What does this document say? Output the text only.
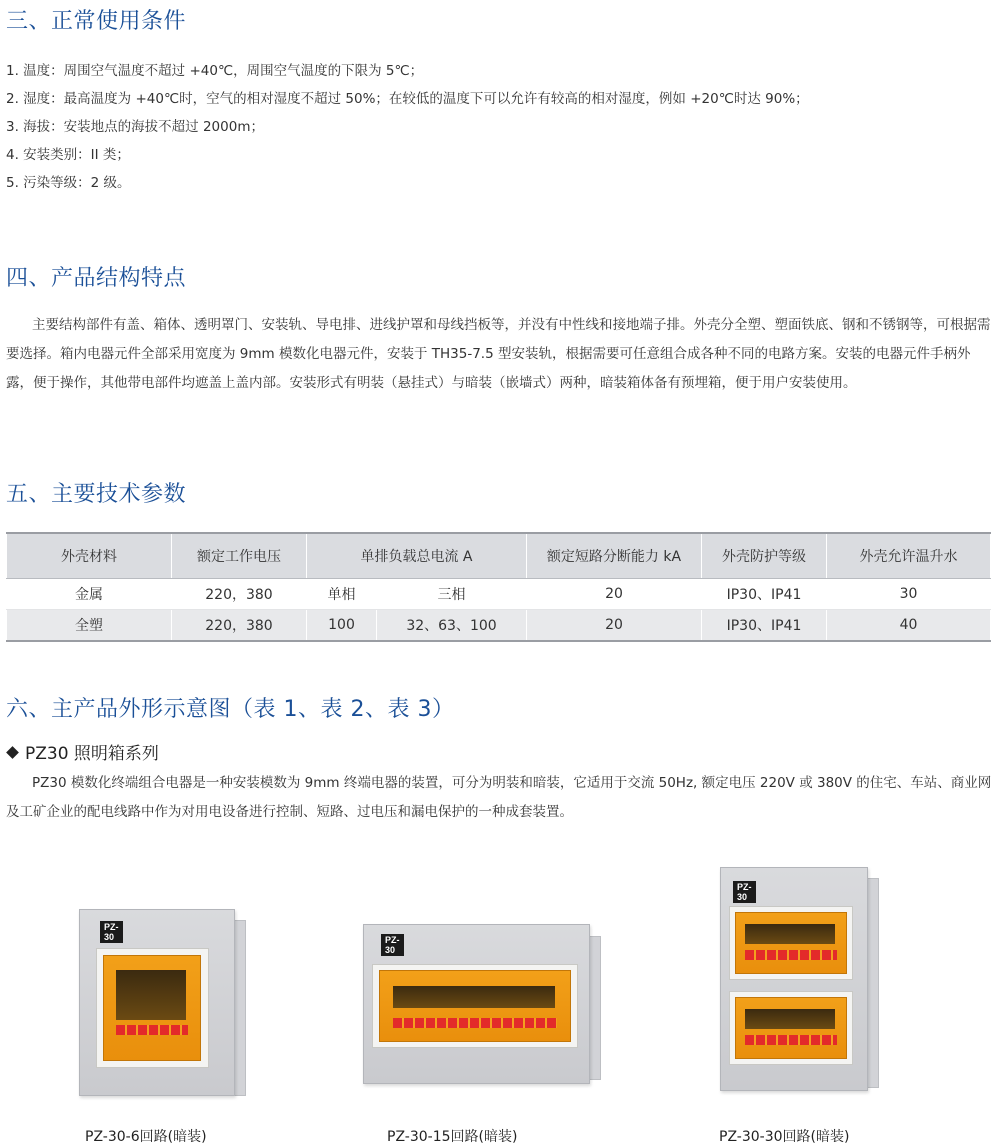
三、正常使用条件
1. 温度：周围空气温度不超过 +40℃，周围空气温度的下限为 5℃；
2. 湿度：最高温度为 +40℃时，空气的相对湿度不超过 50%；在较低的温度下可以允许有较高的相对湿度，例如 +20℃时达 90%；
3. 海拔：安装地点的海拔不超过 2000m；
4. 安装类别：II 类；
5. 污染等级：2 级。
四、产品结构特点
主要结构部件有盖、箱体、透明罩门、安装轨、导电排、进线护罩和母线挡板等，并没有中性线和接地端子排。外壳分全塑、塑面铁底、钢和不锈钢等，可根据需要选择。箱内电器元件全部采用宽度为 9mm 模数化电器元件，安装于 TH35-7.5 型安装轨，根据需要可任意组合成各种不同的电路方案。安装的电器元件手柄外露，便于操作，其他带电部件均遮盖上盖内部。安装形式有明装（悬挂式）与暗装（嵌墙式）两种，暗装箱体备有预埋箱，便于用户安装使用。
五、主要技术参数
外壳材料	额定工作电压	单排负载总电流 A		额定短路分断能力 kA	外壳防护等级	外壳允许温升水
金属	220，380	单相	三相	20	IP30、IP41	30
全塑	220，380	100	32、63、100	20	IP30、IP41	40
六、主产品外形示意图（表 1、表 2、表 3）
PZ30 照明箱系列
PZ30 模数化终端组合电器是一种安装模数为 9mm 终端电器的装置，可分为明装和暗装，它适用于交流 50Hz, 额定电压 220V 或 380V 的住宅、车站、商业网及工矿企业的配电线路中作为对用电设备进行控制、短路、过电压和漏电保护的一种成套装置。
PZ-30
PZ-30-6回路(暗装)
PZ-30
PZ-30-15回路(暗装)
PZ-30
PZ-30-30回路(暗装)
